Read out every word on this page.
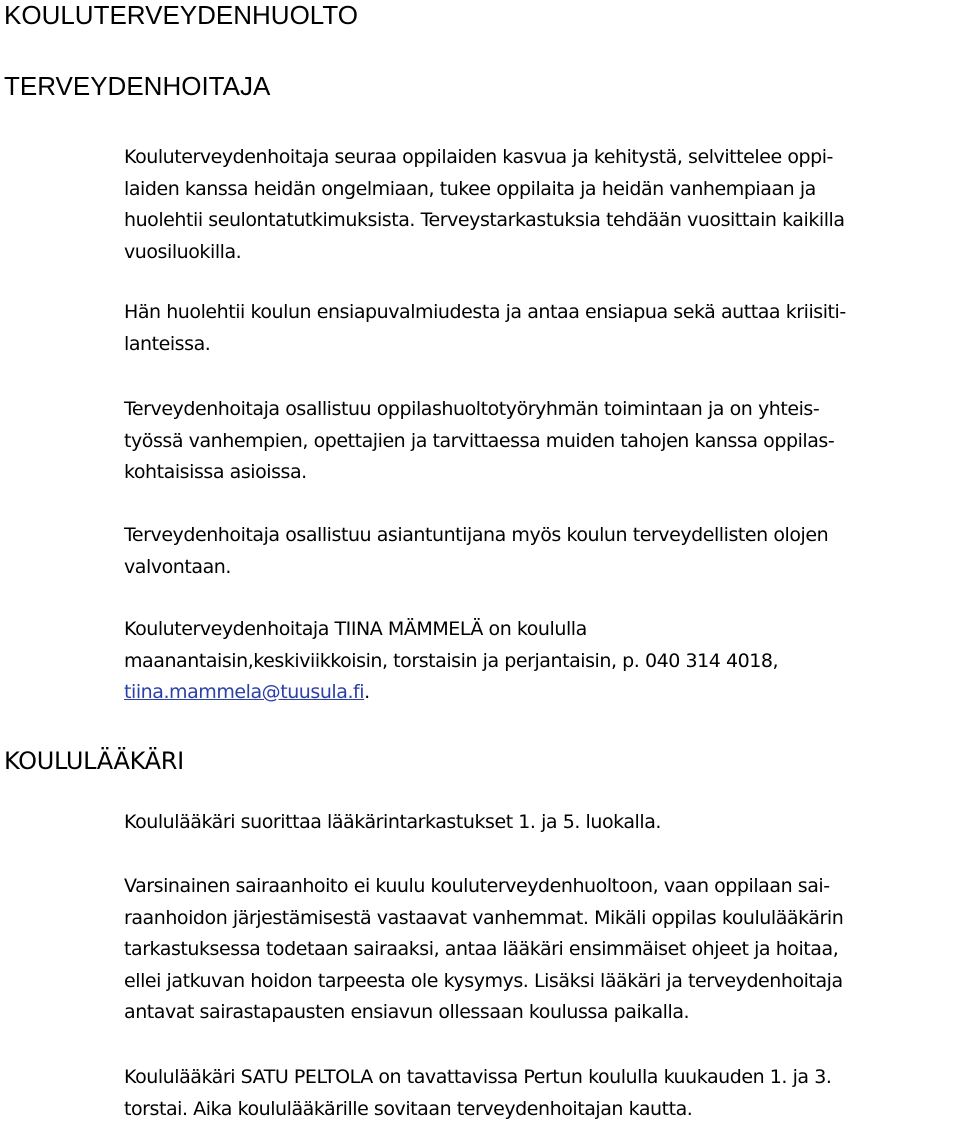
KOULUTERVEYDENHUOLTO
TERVEYDENHOITAJA

Kouluterveydenhoitaja seuraa oppilaiden kasvua ja kehitystä, selvittelee oppi-
laiden kanssa heidän ongelmiaan, tukee oppilaita ja heidän vanhempiaan ja
huolehtii seulontatutkimuksista. Terveystarkastuksia tehdään vuosittain kaikilla
vuosiluokilla.

Hän huolehtii koulun ensiapuvalmiudesta ja antaa ensiapua sekä auttaa kriisiti-
lanteissa.

Terveydenhoitaja osallistuu oppilashuoltotyöryhmän toimintaan ja on yhteis-
työssä vanhempien, opettajien ja tarvittaessa muiden tahojen kanssa oppilas-
kohtaisissa asioissa.

Terveydenhoitaja osallistuu asiantuntijana myös koulun terveydellisten olojen
valvontaan.

Kouluterveydenhoitaja TIINA MÄMMELÄ on koululla
maanantaisin,keskiviikkoisin, torstaisin ja perjantaisin, p. 040 314 4018,
tiina.mammela@tuusula.fi.

KOULULÄÄKÄRI

Koululääkäri suorittaa lääkärintarkastukset 1. ja 5. luokalla.

Varsinainen sairaanhoito ei kuulu kouluterveydenhuoltoon, vaan oppilaan sai-
raanhoidon järjestämisestä vastaavat vanhemmat. Mikäli oppilas koululääkärin
tarkastuksessa todetaan sairaaksi, antaa lääkäri ensimmäiset ohjeet ja hoitaa,
ellei jatkuvan hoidon tarpeesta ole kysymys. Lisäksi lääkäri ja terveydenhoitaja
antavat sairastapausten ensiavun ollessaan koulussa paikalla.

Koululääkäri SATU PELTOLA on tavattavissa Pertun koululla kuukauden 1. ja 3.
torstai. Aika koululääkärille sovitaan terveydenhoitajan kautta.
